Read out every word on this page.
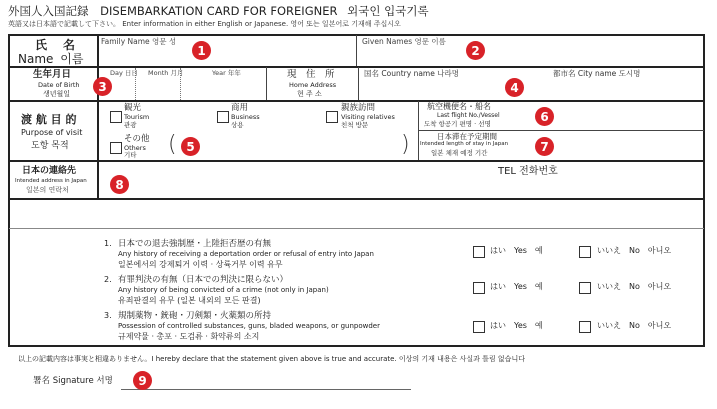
外国人入国記録 DISEMBARKATION CARD FOR FOREIGNER 외국인 입국기록
英語又は日本語で記載して下さい。 Enter information in either English or Japanese. 영어 또는 일본어로 기재해 주십시오
氏　名
Name 이름
Family Name 영문 성	Given Names 영문 이름
生年月日
Date of Birth
생년월일
Day 日日 Month 月月	Year 年年	現　住　所
Home Address
현 주 소
国名 Country name 나라명	都市名 City name 도시명
渡 航 目 的
Purpose of visit
도항 목적
観光
Tourism
관광
商用
Business
상용
親族訪問
Visiting relatives
친척 방문
その他
Others
기타 (	)
航空機便名・船名
Last flight No./Vessel
도착 항공기 편명 · 선명
日本滞在予定期間
Intended length of stay in Japan
일본 체재 예정 기간
日本の連絡先
Intended address in Japan
일본의 연락처
TEL 전화번호
1. 日本での退去強制歴・上陸拒否歴の有無
Any history of receiving a deportation order or refusal of entry into Japan
일본에서의 강제퇴거 이력 · 상륙거부 이력 유무
はい　Yes　예	いいえ　No　아니오
2. 有罪判決の有無（日本での判決に限らない）
Any history of being convicted of a crime (not only in Japan)
유죄판결의 유무 (일본 내외의 모든 판결)
はい　Yes　예	いいえ　No　아니오
3. 規制薬物・銃砲・刀剣類・火薬類の所持
Possession of controlled substances, guns, bladed weapons, or gunpowder
규제약물 · 총포 · 도검류 · 화약류의 소지
はい　Yes　예	いいえ　No　아니오
以上の記載内容は事実と相違ありません。I hereby declare that the statement given above is true and accurate. 이상의 기재 내용은 사실과 틀림 없습니다
署名 Signature 서명
1	2
3	4
5
6
7
8
9
